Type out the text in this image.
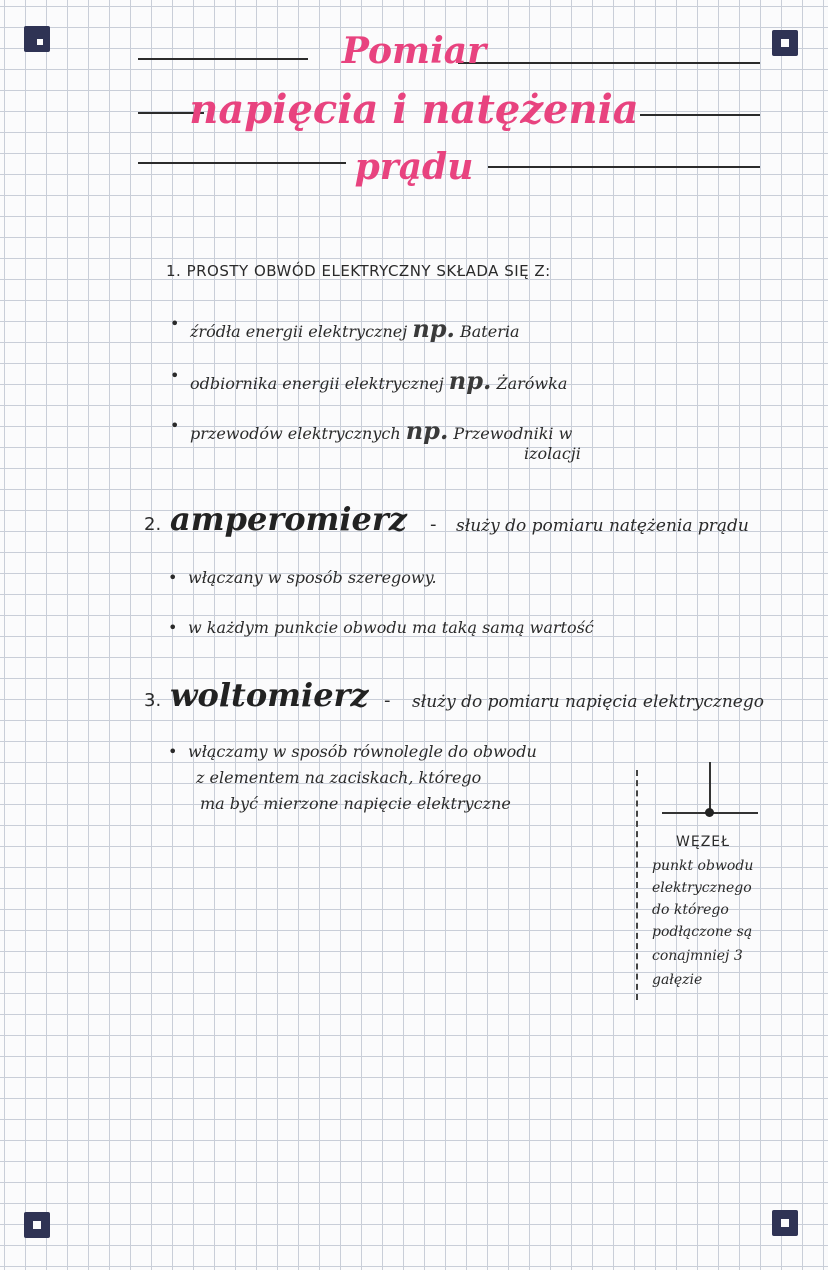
Pomiar
napięcia i natężenia
prądu
1. PROSTY OBWÓD ELEKTRYCZNY SKŁADA SIĘ Z:
• źródła energii elektrycznej np. Bateria
• odbiornika energii elektrycznej np. Żarówka
• przewodów elektrycznych np. Przewodniki w
izolacji
2. amperomierz - służy do pomiaru natężenia prądu
• włączany w sposób szeregowy.
• w każdym punkcie obwodu ma taką samą wartość
3. woltomierz - służy do pomiaru napięcia elektrycznego
• włączamy w sposób równolegle do obwodu
z elementem na zaciskach, którego
ma być mierzone napięcie elektryczne
WĘZEŁ
punkt obwodu
elektrycznego
do którego
podłączone są
conajmniej 3
gałęzie
